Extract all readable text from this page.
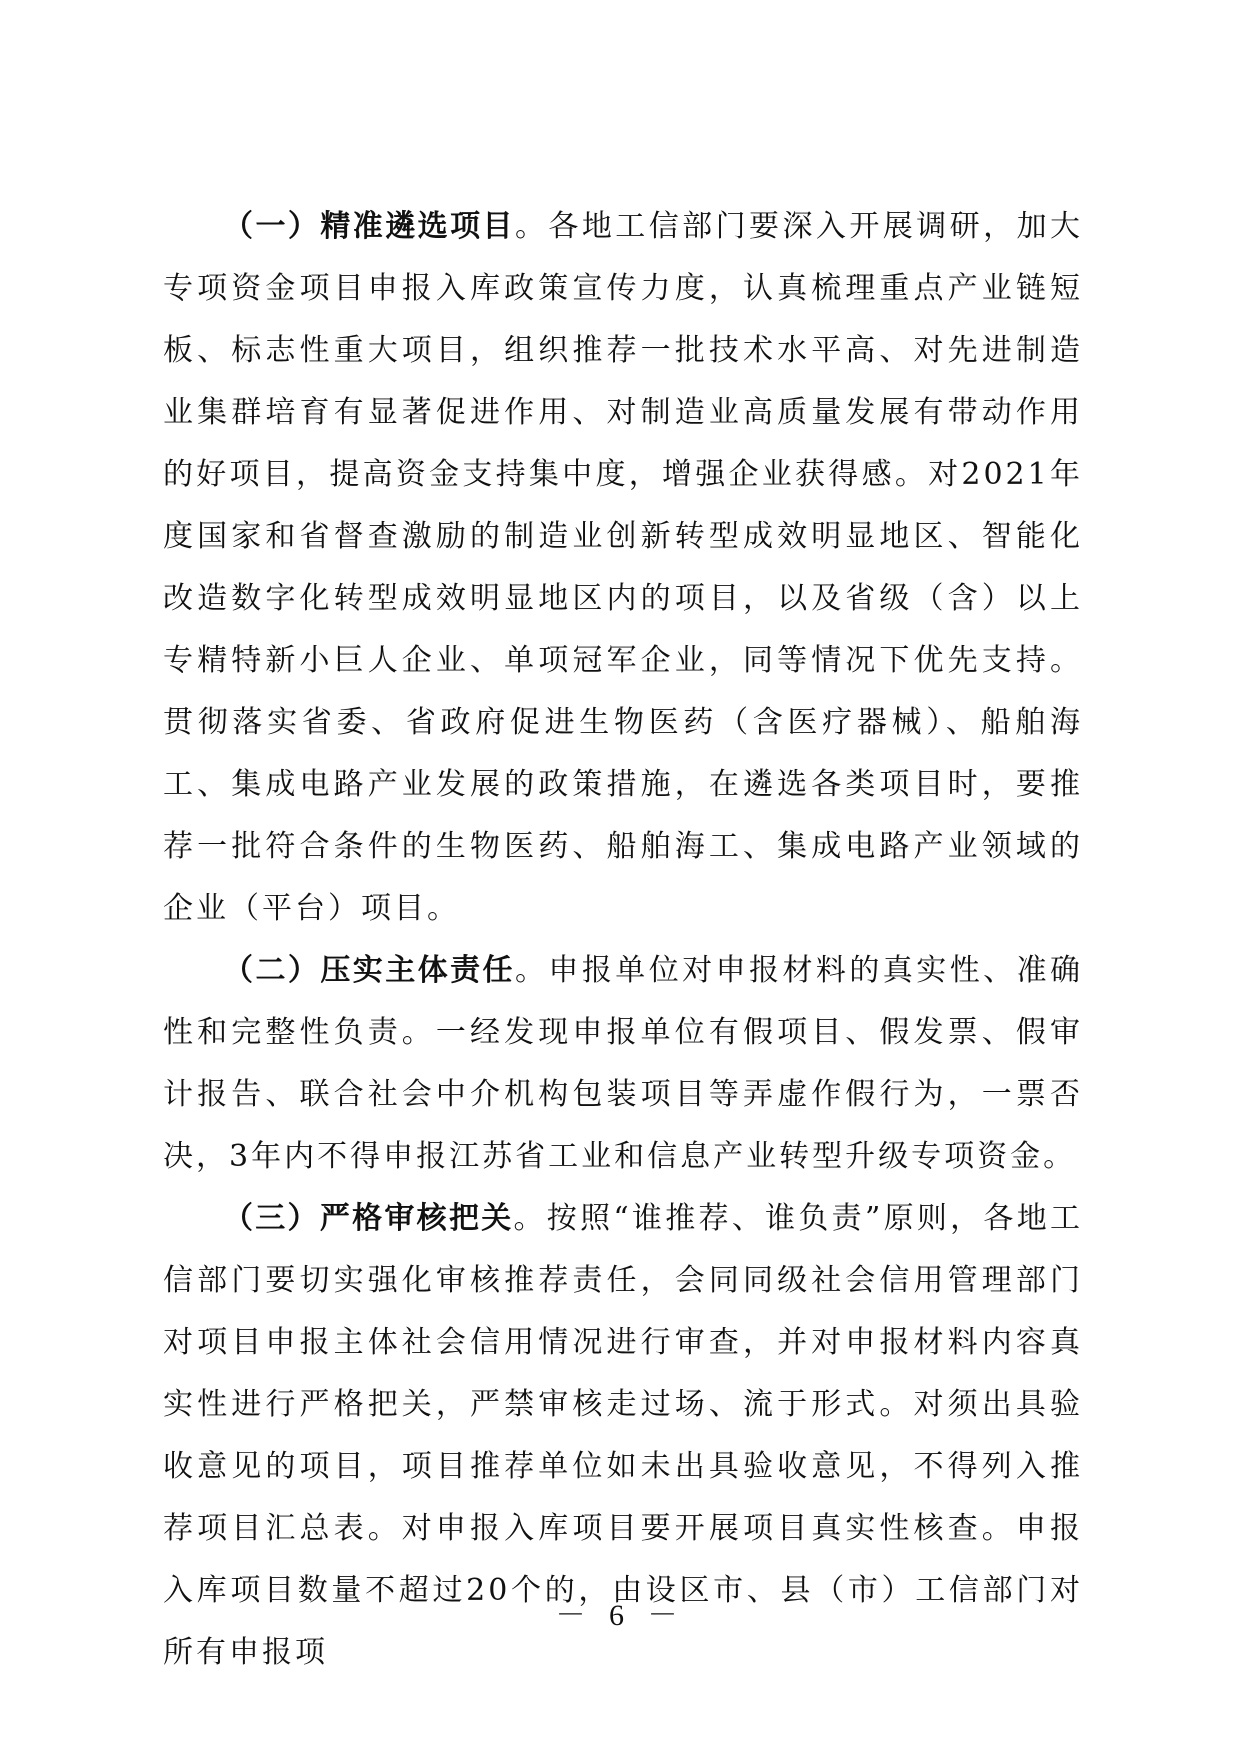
（一）精准遴选项目。各地工信部门要深入开展调研，加大专项资金项目申报入库政策宣传力度，认真梳理重点产业链短板、标志性重大项目，组织推荐一批技术水平高、对先进制造业集群培育有显著促进作用、对制造业高质量发展有带动作用的好项目，提高资金支持集中度，增强企业获得感。对2021年度国家和省督查激励的制造业创新转型成效明显地区、智能化改造数字化转型成效明显地区内的项目，以及省级（含）以上专精特新小巨人企业、单项冠军企业，同等情况下优先支持。贯彻落实省委、省政府促进生物医药（含医疗器械）、船舶海工、集成电路产业发展的政策措施，在遴选各类项目时，要推荐一批符合条件的生物医药、船舶海工、集成电路产业领域的企业（平台）项目。

（二）压实主体责任。申报单位对申报材料的真实性、准确性和完整性负责。一经发现申报单位有假项目、假发票、假审计报告、联合社会中介机构包装项目等弄虚作假行为，一票否决，3年内不得申报江苏省工业和信息产业转型升级专项资金。

（三）严格审核把关。按照“谁推荐、谁负责”原则，各地工信部门要切实强化审核推荐责任，会同同级社会信用管理部门对项目申报主体社会信用情况进行审查，并对申报材料内容真实性进行严格把关，严禁审核走过场、流于形式。对须出具验收意见的项目，项目推荐单位如未出具验收意见，不得列入推荐项目汇总表。对申报入库项目要开展项目真实性核查。申报入库项目数量不超过20个的，由设区市、县（市）工信部门对所有申报项

－ 6 －
